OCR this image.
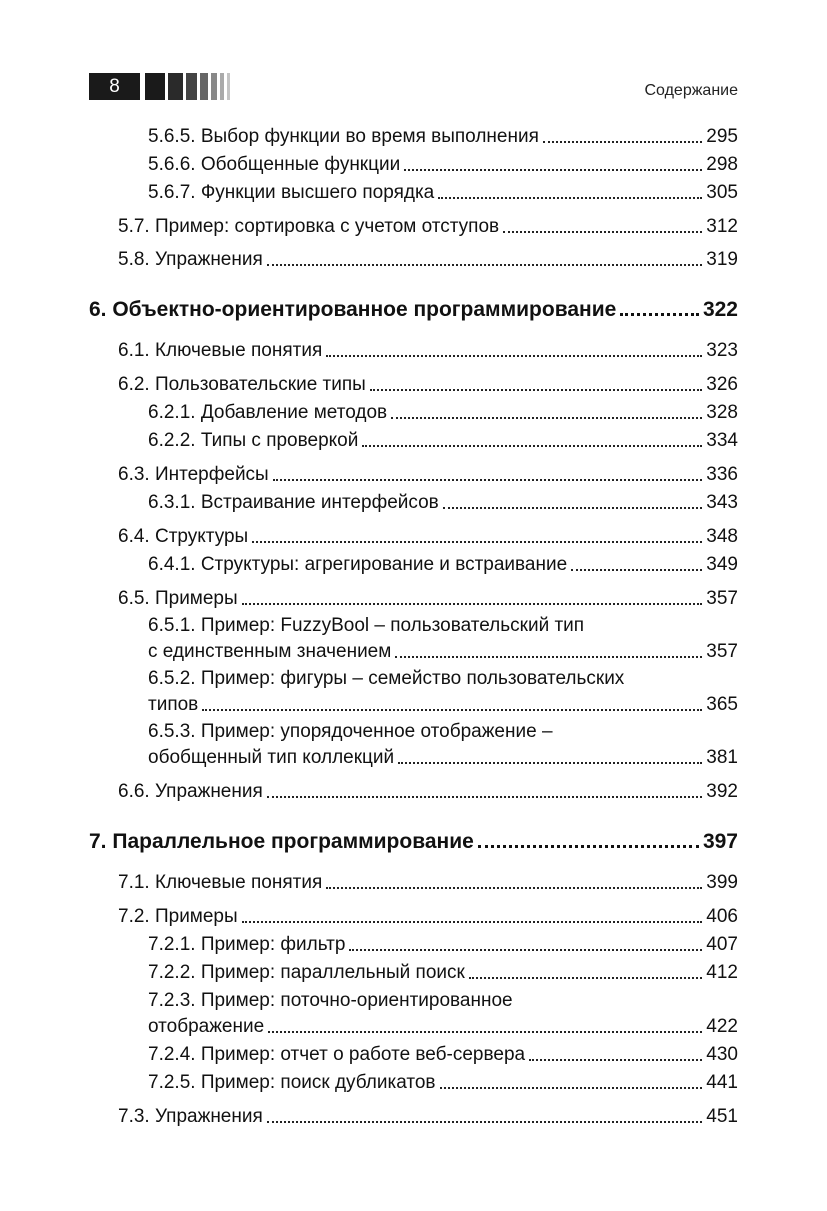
8	Содержание
5.6.5. Выбор функции во время выполнения	295
5.6.6. Обобщенные функции	298
5.6.7. Функции высшего порядка	305
5.7. Пример: сортировка с учетом отступов	312
5.8. Упражнения	319
6. Объектно-ориентированное программирование	322
6.1. Ключевые понятия	323
6.2. Пользовательские типы	326
6.2.1. Добавление методов	328
6.2.2. Типы с проверкой	334
6.3. Интерфейсы	336
6.3.1. Встраивание интерфейсов	343
6.4. Структуры	348
6.4.1. Структуры: агрегирование и встраивание	349
6.5. Примеры	357
6.5.1. Пример: FuzzyBool – пользовательский тип
с единственным значением	357
6.5.2. Пример: фигуры – семейство пользовательских
типов	365
6.5.3. Пример: упорядоченное отображение –
обобщенный тип коллекций	381
6.6. Упражнения	392
7. Параллельное программирование	397
7.1. Ключевые понятия	399
7.2. Примеры	406
7.2.1. Пример: фильтр	407
7.2.2. Пример: параллельный поиск	412
7.2.3. Пример: поточно-ориентированное
отображение	422
7.2.4. Пример: отчет о работе веб-сервера	430
7.2.5. Пример: поиск дубликатов	441
7.3. Упражнения	451
